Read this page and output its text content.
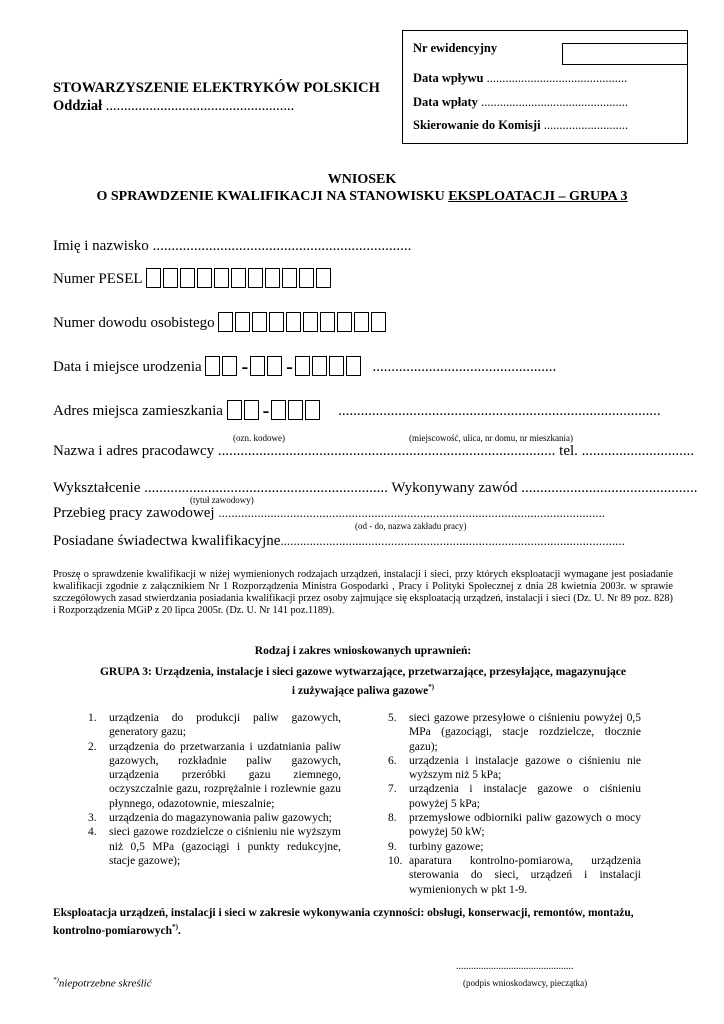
STOWARZYSZENIE ELEKTRYKÓW POLSKICH
Oddział ....................................................
Nr ewidencyjny
Data wpływu .............................................
Data wpłaty ...............................................
Skierowanie do Komisji ...........................
WNIOSEK
O SPRAWDZENIE KWALIFIKACJI NA STANOWISKU EKSPLOATACJI – GRUPA 3
Imię i nazwisko .....................................................................
Numer PESEL
Numer dowodu osobistego
Data i miejsce urodzenia - -	.................................................
Adres miejsca zamieszkania -	......................................................................................
(ozn. kodowe)	(miejscowość, ulica, nr domu, nr mieszkania)
Nazwa i adres pracodawcy .......................................................................................... tel. ..............................
Wykształcenie ................................................................. Wykonywany zawód ...............................................
(tytuł zawodowy)
Przebieg pracy zawodowej .......................................................................................................................
(od - do, nazwa zakładu pracy)
Posiadane świadectwa kwalifikacyjne..........................................................................................................
Proszę o sprawdzenie kwalifikacji w niżej wymienionych rodzajach urządzeń, instalacji i sieci, przy których eksploatacji wymagane jest posiadanie kwalifikacji zgodnie z załącznikiem Nr 1 Rozporządzenia Ministra Gospodarki , Pracy i Polityki Społecznej z dnia 28 kwietnia 2003r. w sprawie szczegółowych zasad stwierdzania posiadania kwalifikacji przez osoby zajmujące się eksploatacją urządzeń, instalacji i sieci (Dz. U. Nr 89 poz. 828) i Rozporządzenia MGiP z 20 lipca 2005r. (Dz. U. Nr 141 poz.1189).
Rodzaj i zakres wnioskowanych uprawnień:
GRUPA 3: Urządzenia, instalacje i sieci gazowe wytwarzające, przetwarzające, przesyłające, magazynujące
i zużywające paliwa gazowe*)
1. urządzenia do produkcji paliw gazowych, generatory gazu;
2. urządzenia do przetwarzania i uzdatniania paliw gazowych, rozkładnie paliw gazowych, urządzenia przeróbki gazu ziemnego, oczyszczalnie gazu, rozprężalnie i rozlewnie gazu płynnego, odazotownie, mieszalnie;
3. urządzenia do magazynowania paliw gazowych;
4. sieci gazowe rozdzielcze o ciśnieniu nie wyższym niż 0,5 MPa (gazociągi i punkty redukcyjne, stacje gazowe);
5. sieci gazowe przesyłowe o ciśnieniu powyżej 0,5 MPa (gazociągi, stacje rozdzielcze, tłocznie gazu);
6. urządzenia i instalacje gazowe o ciśnieniu nie wyższym niż 5 kPa;
7. urządzenia i instalacje gazowe o ciśnieniu powyżej 5 kPa;
8. przemysłowe odbiorniki paliw gazowych o mocy powyżej 50 kW;
9. turbiny gazowe;
10. aparatura kontrolno-pomiarowa, urządzenia sterowania do sieci, urządzeń i instalacji wymienionych w pkt 1-9.
Eksploatacja urządzeń, instalacji i sieci w zakresie wykonywania czynności: obsługi, konserwacji, remontów, montażu, kontrolno-pomiarowych*).
*)niepotrzebne skreślić
...............................................
(podpis wnioskodawcy, pieczątka)
